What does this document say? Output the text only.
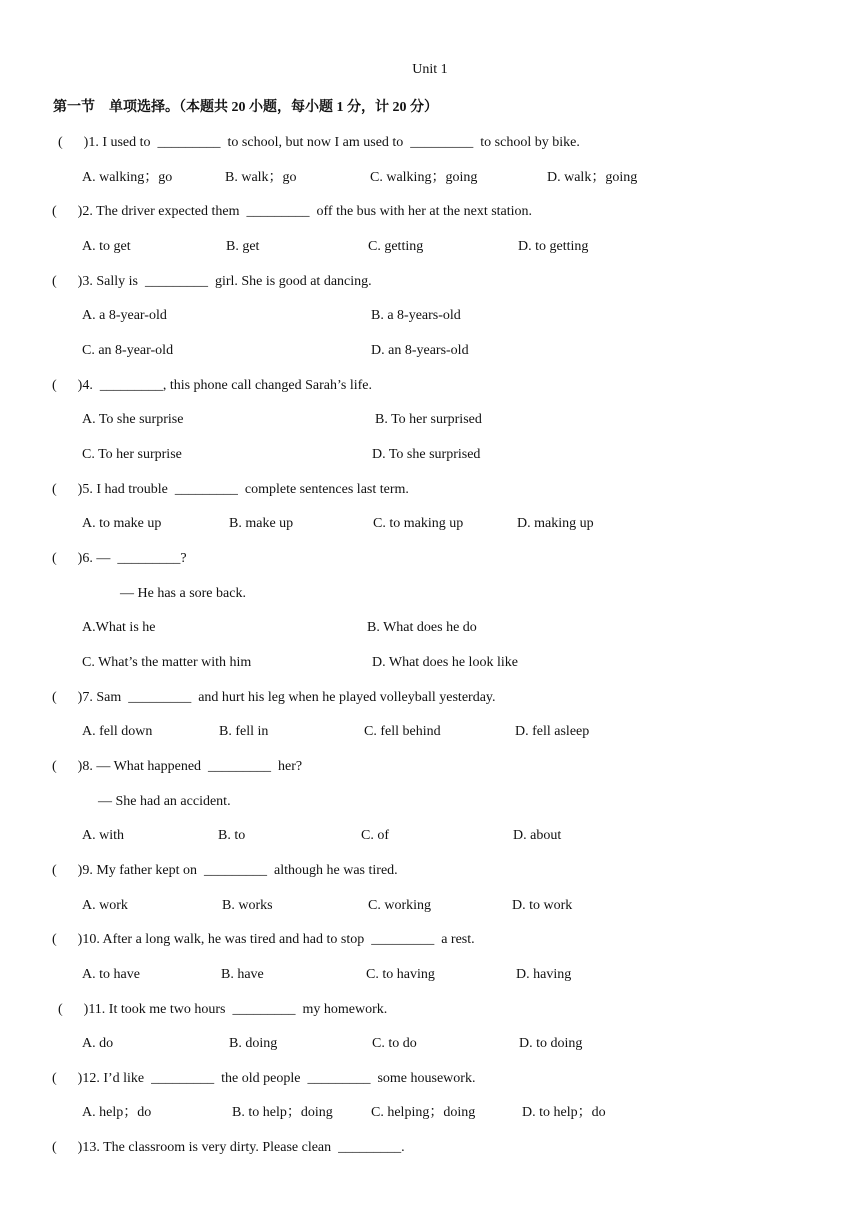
Unit 1
第一节    单项选择。（本题共 20 小题，每小题 1 分，计 20 分）
(      )1. I used to  _________  to school, but now I am used to  _________  to school by bike.
A. walking；go	B. walk；go	C. walking；going	D. walk；going
(      )2. The driver expected them  _________  off the bus with her at the next station.
A. to get	B. get	C. getting	D. to getting
(      )3. Sally is  _________  girl. She is good at dancing.
A. a 8-year-old	B. a 8-years-old
C. an 8-year-old	D. an 8-years-old
(      )4.  _________, this phone call changed Sarah’s life.
A. To she surprise	B. To her surprised
C. To her surprise	D. To she surprised
(      )5. I had trouble  _________  complete sentences last term.
A. to make up	B. make up	C. to making up	D. making up
(      )6. —  _________?
— He has a sore back.
A.What is he	B. What does he do
C. What’s the matter with him	D. What does he look like
(      )7. Sam  _________  and hurt his leg when he played volleyball yesterday.
A. fell down	B. fell in	C. fell behind	D. fell asleep
(      )8. — What happened  _________  her?
— She had an accident.
A. with	B. to	C. of	D. about
(      )9. My father kept on  _________  although he was tired.
A. work	B. works	C. working	D. to work
(      )10. After a long walk, he was tired and had to stop  _________  a rest.
A. to have	B. have	C. to having	D. having
(      )11. It took me two hours  _________  my homework.
A. do	B. doing	C. to do	D. to doing
(      )12. I’d like  _________  the old people  _________  some housework.
A. help；do	B. to help；doing	C. helping；doing	D. to help；do
(      )13. The classroom is very dirty. Please clean  _________.
